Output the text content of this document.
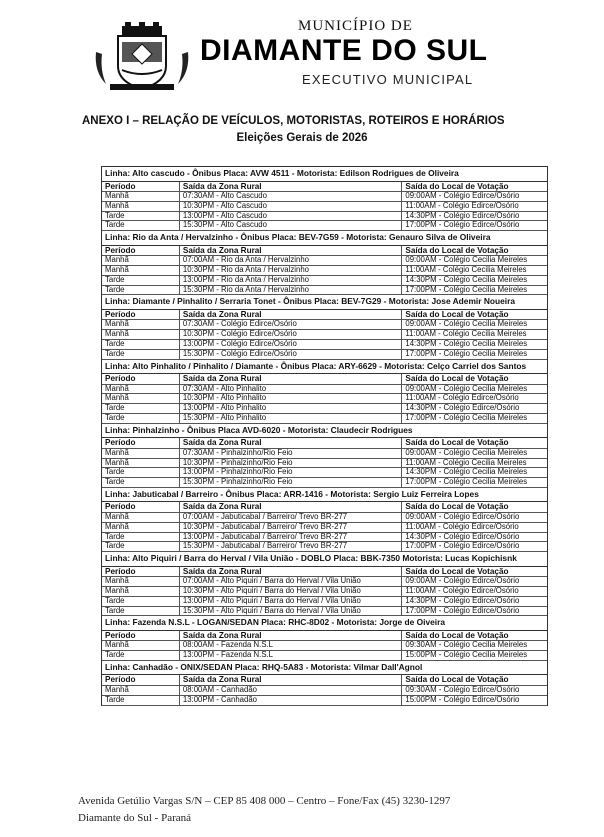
MUNICÍPIO DE
DIAMANTE DO SUL
EXECUTIVO MUNICIPAL
ANEXO I – RELAÇÃO DE VEÍCULOS, MOTORISTAS, ROTEIROS E HORÁRIOS
Eleições Gerais de 2026
Linha: Alto cascudo - Ônibus Placa: AVW 4511 - Motorista: Edilson Rodrigues de Oliveira
Período	Saída da Zona Rural	Saída do Local de Votação
Manhã	07:30AM - Alto Cascudo	09:00AM - Colégio Edirce/Osório
Manhã	10:30PM - Alto Cascudo	11:00AM - Colégio Edirce/Osório
Tarde	13:00PM - Alto Cascudo	14:30PM - Colégio Edirce/Osório
Tarde	15:30PM - Alto Cascudo	17:00PM - Colégio Edirce/Osório
Linha: Rio da Anta / Hervalzinho - Ônibus Placa: BEV-7G59 - Motorista: Genauro Silva de Oliveira
Período	Saída da Zona Rural	Saída do Local de Votação
Manhã	07:00AM - Rio da Anta / Hervalzinho	09:00AM - Colégio Cecilia Meireles
Manhã	10:30PM - Rio da Anta / Hervalzinho	11:00AM - Colégio Cecilia Meireles
Tarde	13:00PM - Rio da Anta / Hervalzinho	14:30PM - Colégio Cecilia Meireles
Tarde	15:30PM - Rio da Anta / Hervalzinho	17:00PM - Colégio Cecilia Meireles
Linha: Diamante / Pinhalito / Serraria Tonet - Ônibus Placa: BEV-7G29 - Motorista: Jose Ademir Noueira
Período	Saída da Zona Rural	Saída do Local de Votação
Manhã	07:30AM - Colégio Edirce/Osório	09:00AM - Colégio Cecilia Meireles
Manhã	10:30PM - Colégio Edirce/Osório	11:00AM - Colégio Cecilia Meireles
Tarde	13:00PM - Colégio Edirce/Osório	14:30PM - Colégio Cecilia Meireles
Tarde	15:30PM - Colégio Edirce/Osório	17:00PM - Colégio Cecilia Meireles
Linha: Alto Pinhalito / Pinhalito / Diamante - Ônibus Placa: ARY-6629 - Motorista: Celço Carriel dos Santos
Período	Saída da Zona Rural	Saída do Local de Votação
Manhã	07:30AM - Alto Pinhalito	09:00AM - Colégio Cecilia Meireles
Manhã	10:30PM - Alto Pinhalito	11:00AM - Colégio Edirce/Osório
Tarde	13:00PM - Alto Pinhalito	14:30PM - Colégio Edirce/Osório
Tarde	15:30PM - Alto Pinhalito	17:00PM - Colégio Cecilia Meireles
Linha: Pinhalzinho - Ônibus Placa AVD-6020 - Motorista: Claudecir Rodrigues
Período	Saída da Zona Rural	Saída do Local de Votação
Manhã	07:30AM - Pinhalzinho/Rio Feio	09:00AM - Colégio Cecilia Meireles
Manhã	10:30PM - Pinhalzinho/Rio Feio	11:00AM - Colégio Cecilia Meireles
Tarde	13:00PM - Pinhalzinho/Rio Feio	14:30PM - Colégio Cecilia Meireles
Tarde	15:30PM - Pinhalzinho/Rio Feio	17:00PM - Colégio Cecilia Meireles
Linha: Jabuticabal / Barreiro - Ônibus Placa: ARR-1416 - Motorista: Sergio Luiz Ferreira Lopes
Período	Saída da Zona Rural	Saída do Local de Votação
Manhã	07:00AM - Jabuticabal / Barreiro/ Trevo BR-277	09:00AM - Colégio Edirce/Osório
Manhã	10:30PM - Jabuticabal / Barreiro/ Trevo BR-277	11:00AM - Colégio Edirce/Osório
Tarde	13:00PM - Jabuticabal / Barreiro/ Trevo BR-277	14:30PM - Colégio Edirce/Osório
Tarde	15:30PM - Jabuticabal / Barreiro/ Trevo BR-277	17:00PM - Colégio Edirce/Osório
Linha: Alto Piquiri / Barra do Herval / Vila União - DOBLO Placa: BBK-7350 Motorista: Lucas Kopichisnk
Período	Saída da Zona Rural	Saída do Local de Votação
Manhã	07:00AM - Alto Piquiri / Barra do Herval / Vila União	09:00AM - Colégio Edirce/Osório
Manhã	10:30PM - Alto Piquiri / Barra do Herval / Vila União	11:00AM - Colégio Edirce/Osório
Tarde	13:00PM - Alto Piquiri / Barra do Herval / Vila União	14:30PM - Colégio Edirce/Osório
Tarde	15:30PM - Alto Piquiri / Barra do Herval / Vila União	17:00PM - Colégio Edirce/Osório
Linha: Fazenda N.S.L - LOGAN/SEDAN Placa: RHC-8D02 - Motorista: Jorge de Oiveira
Período	Saída da Zona Rural	Saída do Local de Votação
Manhã	08:00AM - Fazenda N.S.L	09:30AM - Colégio Cecilia Meireles
Tarde	13:00PM - Fazenda N.S.L	15:00PM - Colégio Cecilia Meireles
Linha: Canhadão - ONIX/SEDAN Placa: RHQ-5A83 - Motorista: Vilmar Dall'Agnol
Período	Saída da Zona Rural	Saída do Local de Votação
Manhã	08:00AM - Canhadão	09:30AM - Colégio Edirce/Osório
Tarde	13:00PM - Canhadão	15:00PM - Colégio Edirce/Osório
Avenida Getúlio Vargas S/N – CEP 85 408 000 – Centro – Fone/Fax (45) 3230-1297
Diamante do Sul - Paraná
